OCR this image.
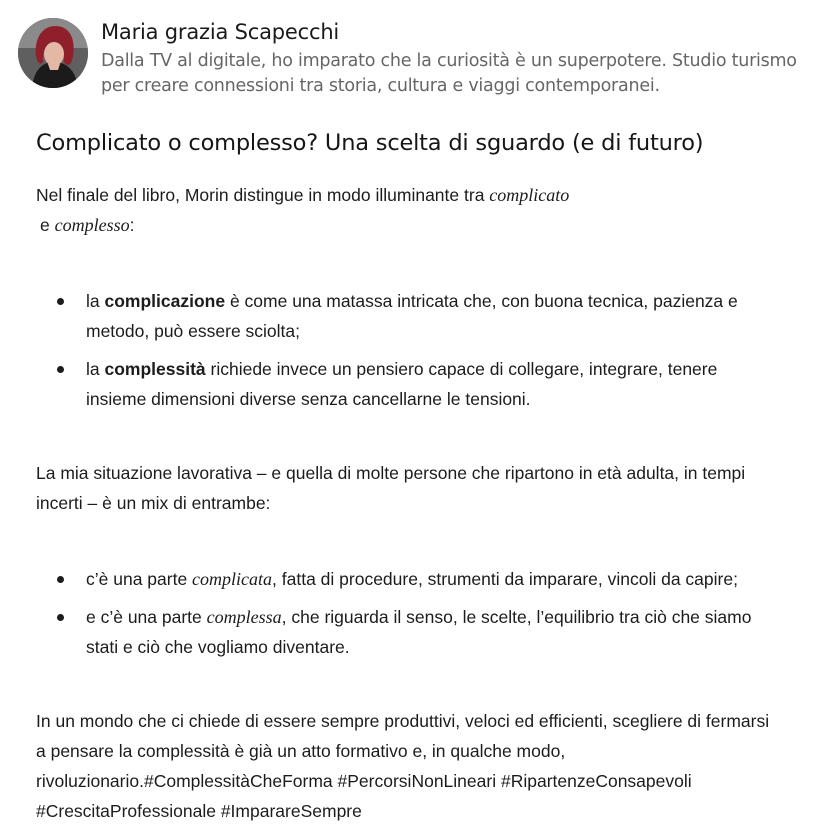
Maria grazia Scapecchi
Dalla TV al digitale, ho imparato che la curiosità è un superpotere. Studio turismo per creare connessioni tra storia, cultura e viaggi contemporanei.
Complicato o complesso? Una scelta di sguardo (e di futuro)

Nel finale del libro, Morin distingue in modo illuminante tra complicato
e complesso:

la complicazione è come una matassa intricata che, con buona tecnica, pazienza e metodo, può essere sciolta;
la complessità richiede invece un pensiero capace di collegare, integrare, tenere insieme dimensioni diverse senza cancellarne le tensioni.

La mia situazione lavorativa – e quella di molte persone che ripartono in età adulta, in tempi incerti – è un mix di entrambe:

c’è una parte complicata, fatta di procedure, strumenti da imparare, vincoli da capire;
e c’è una parte complessa, che riguarda il senso, le scelte, l’equilibrio tra ciò che siamo stati e ciò che vogliamo diventare.

In un mondo che ci chiede di essere sempre produttivi, veloci ed efficienti, scegliere di fermarsi a pensare la complessità è già un atto formativo e, in qualche modo, rivoluzionario.#ComplessitàCheForma #PercorsiNonLineari #RipartenzeConsapevoli #CrescitaProfessionale #ImparareSempre
